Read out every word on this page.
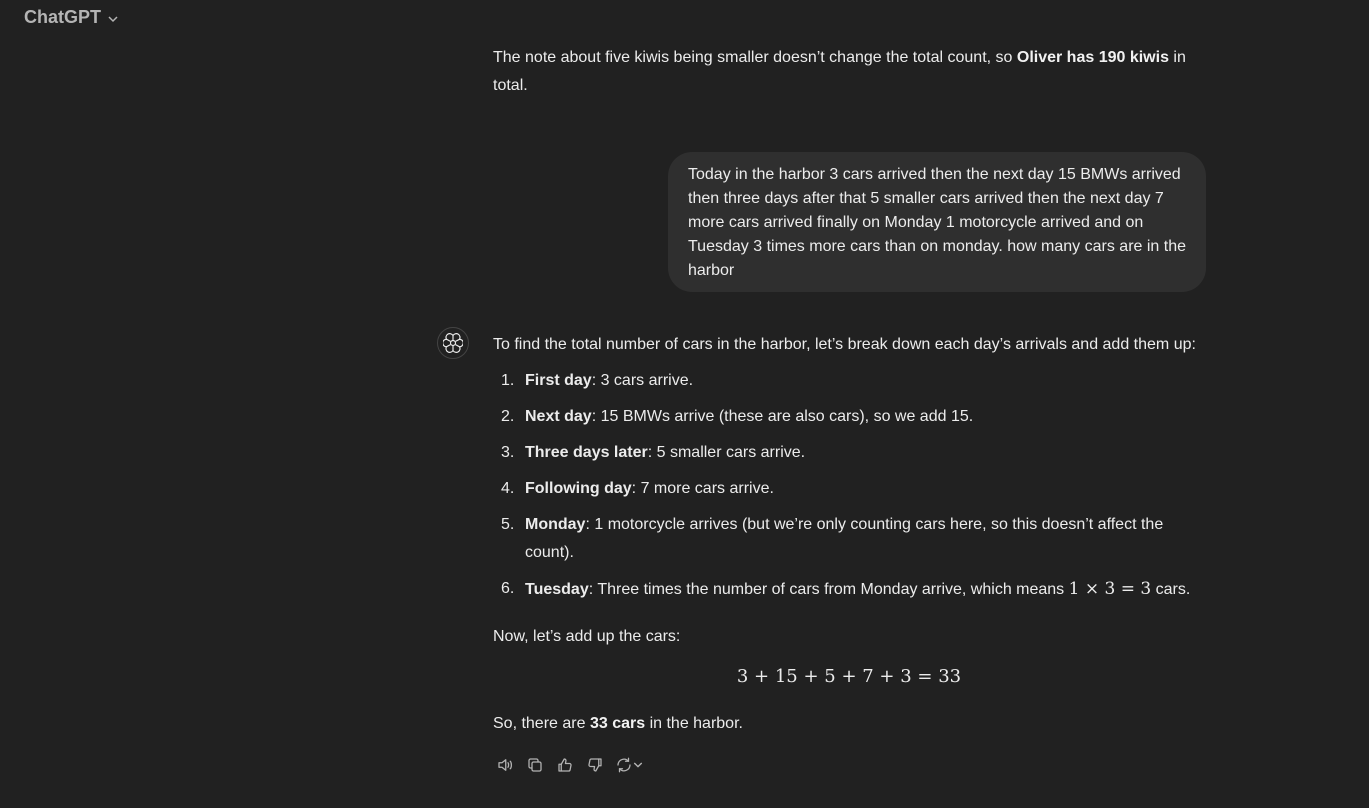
ChatGPT

The note about five kiwis being smaller doesn’t change the total count, so Oliver has 190 kiwis in total.

Today in the harbor 3 cars arrived then the next day 15 BMWs arrived then three days after that 5 smaller cars arrived then the next day 7 more cars arrived finally on Monday 1 motorcycle arrived and on Tuesday 3 times more cars than on monday. how many cars are in the harbor

To find the total number of cars in the harbor, let’s break down each day’s arrivals and add them up:

1. First day: 3 cars arrive.
2. Next day: 15 BMWs arrive (these are also cars), so we add 15.
3. Three days later: 5 smaller cars arrive.
4. Following day: 7 more cars arrive.
5. Monday: 1 motorcycle arrives (but we’re only counting cars here, so this doesn’t affect the count).
6. Tuesday: Three times the number of cars from Monday arrive, which means 1 × 3 = 3 cars.

Now, let’s add up the cars:

3 + 15 + 5 + 7 + 3 = 33

So, there are 33 cars in the harbor.
